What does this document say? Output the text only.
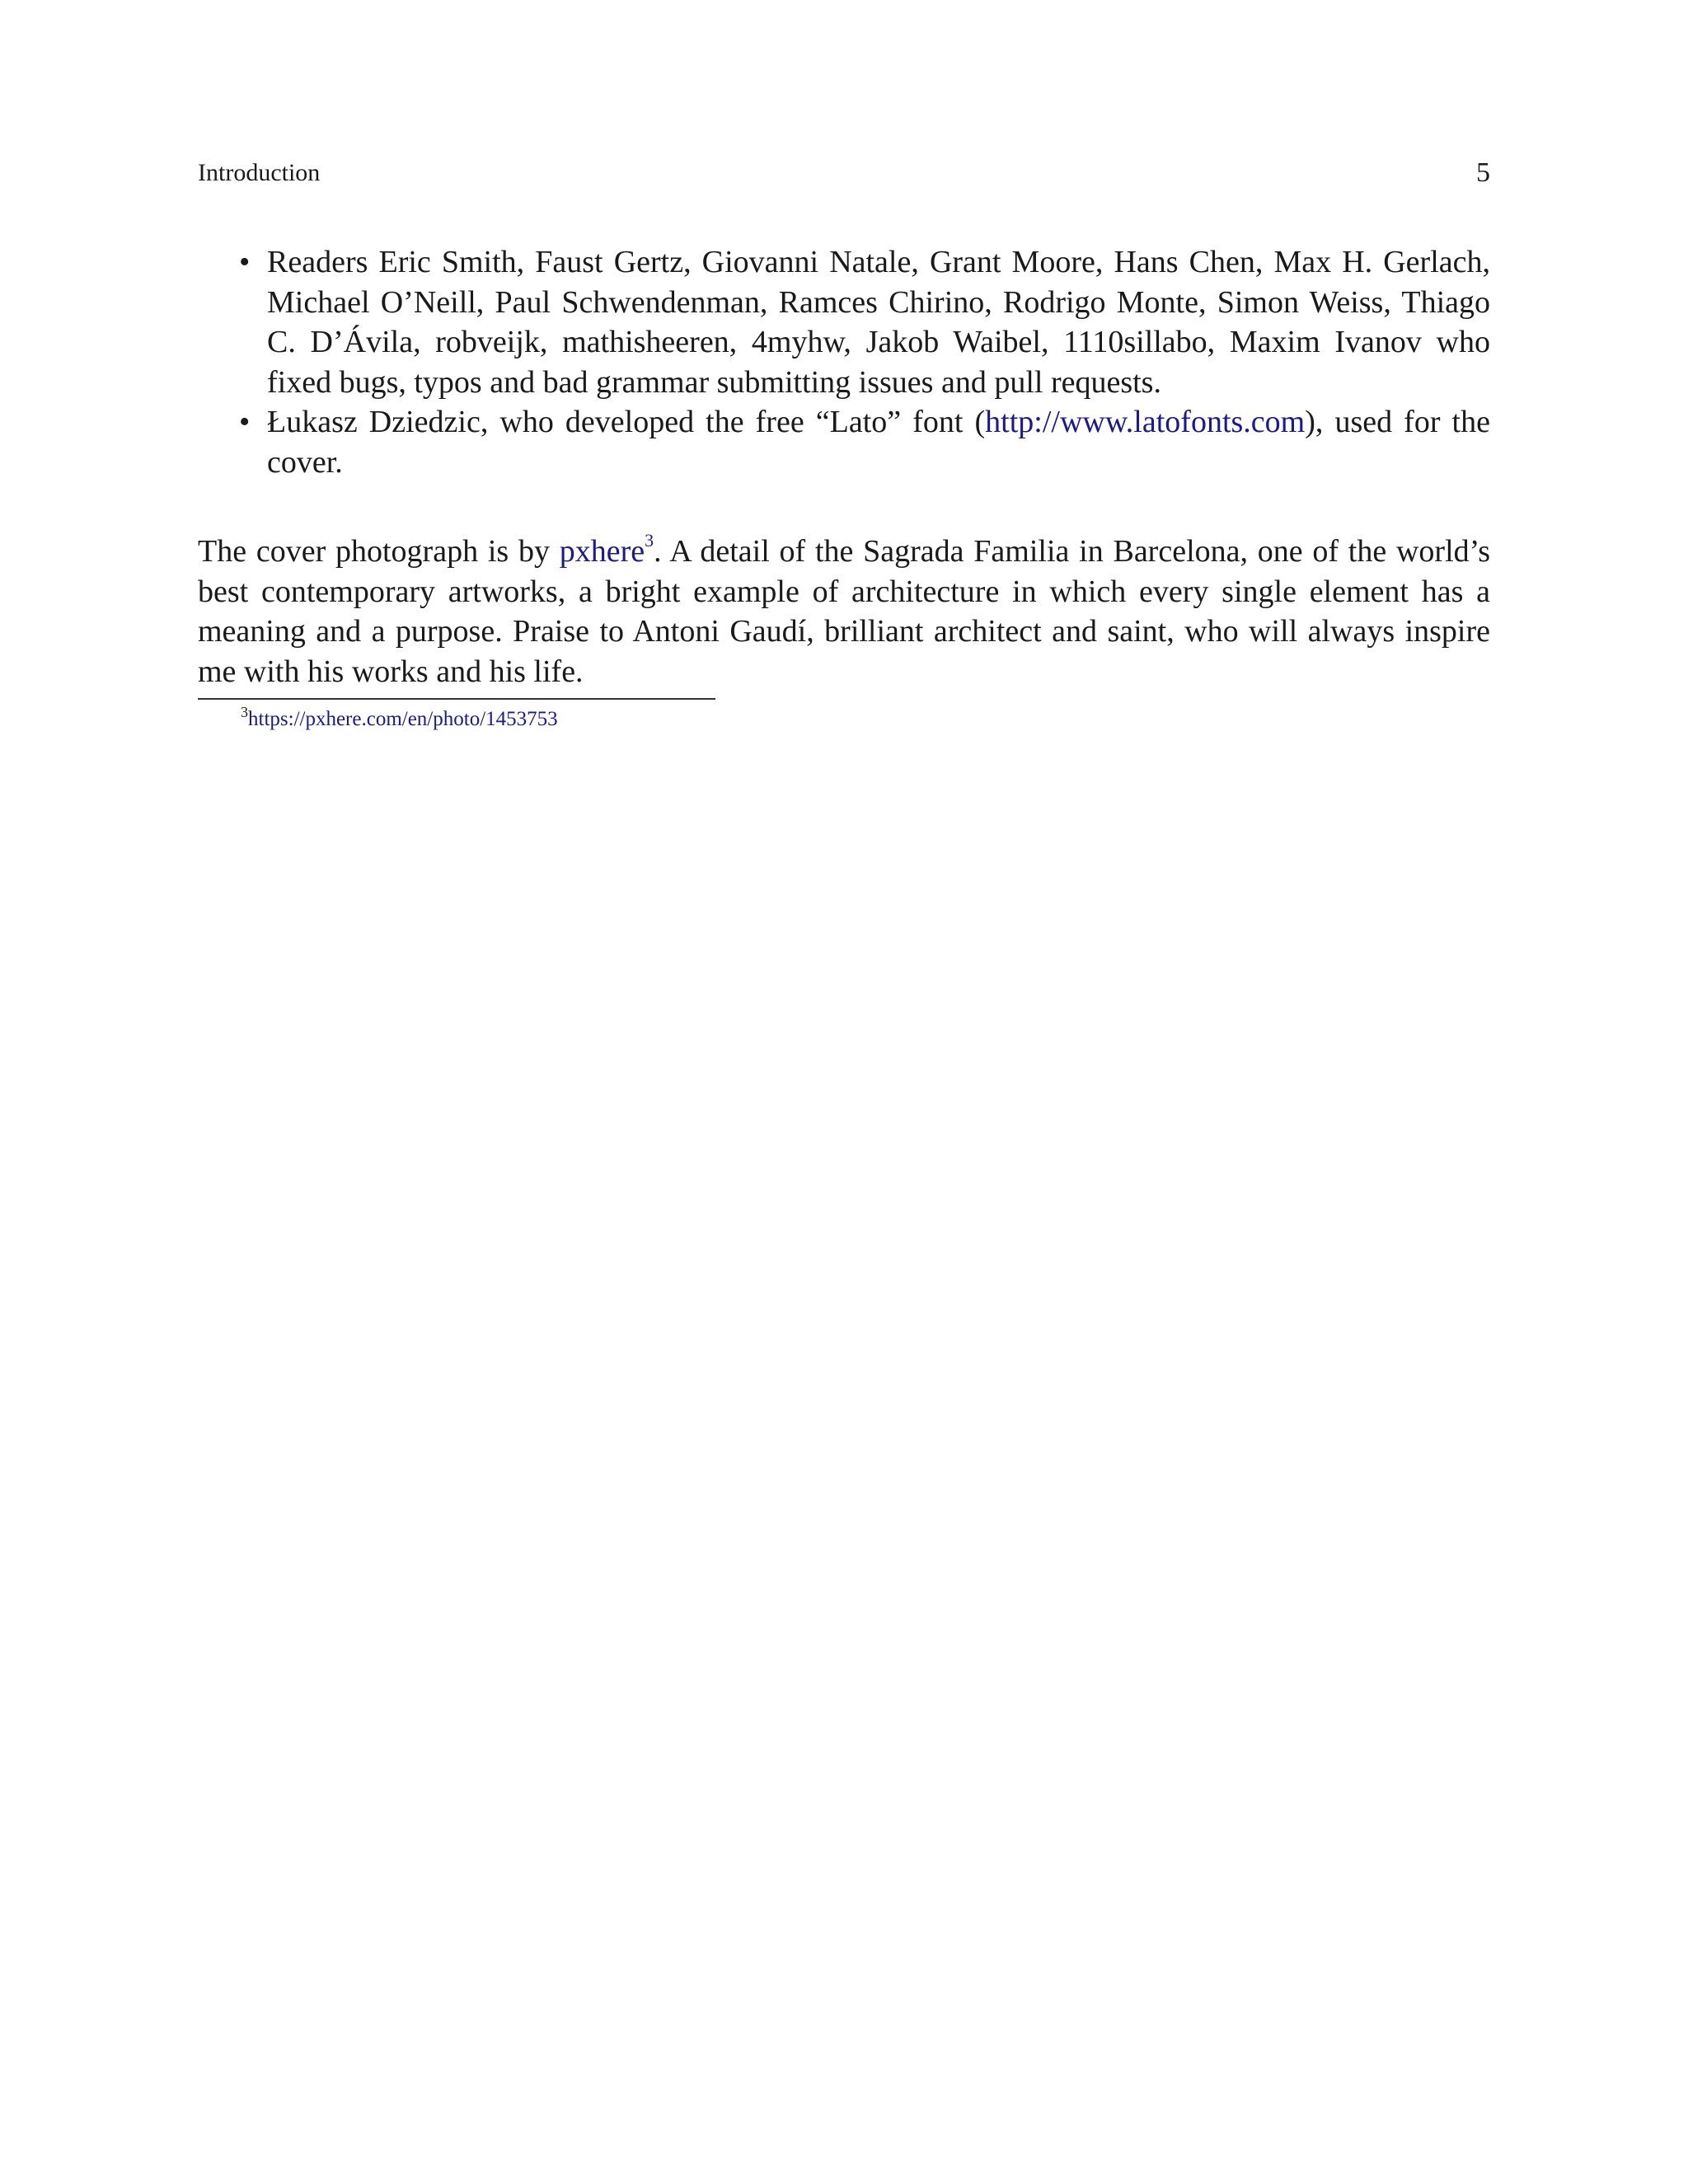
Introduction	5
• Readers Eric Smith, Faust Gertz, Giovanni Natale, Grant Moore, Hans Chen, Max H. Gerlach, Michael O’Neill, Paul Schwendenman, Ramces Chirino, Rodrigo Monte, Simon Weiss, Thiago C. D’Ávila, robveijk, mathisheeren, 4myhw, Jakob Waibel, 1110sillabo, Maxim Ivanov who fixed bugs, typos and bad grammar submitting issues and pull requests.
• Łukasz Dziedzic, who developed the free “Lato” font (http://www.latofonts.com), used for the cover.

The cover photograph is by pxhere$^3$. A detail of the Sagrada Familia in Barcelona, one of the world’s best contemporary artworks, a bright example of architecture in which every single element has a meaning and a purpose. Praise to Antoni Gaudí, brilliant architect and saint, who will always inspire me with his works and his life.

$^3$https://pxhere.com/en/photo/1453753
